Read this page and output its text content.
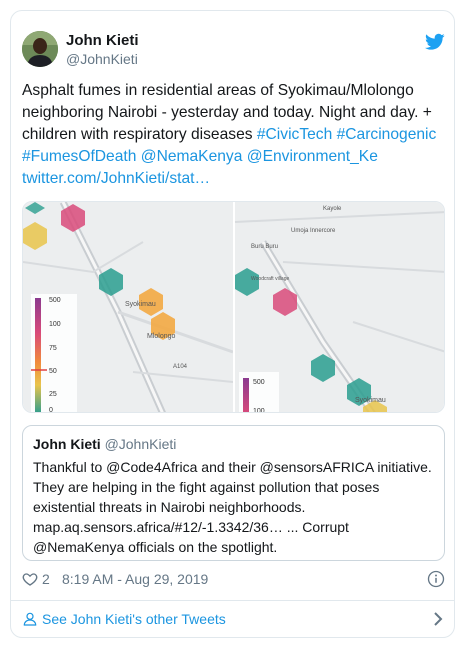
John Kieti
@JohnKieti
Asphalt fumes in residential areas of Syokimau/Mlolongo neighboring Nairobi - yesterday and today. Night and day. + children with respiratory diseases #CivicTech #Carcinogenic #FumesOfDeath @NemaKenya @Environment_Ke twitter.com/JohnKieti/stat…
500
100
75
50
25
0
Syokimau
Mlolongo
A104
500
100
Kayole
Umoja Innercore
Buru Buru
Woodcraft village
Syokimau
John Kieti @JohnKieti
Thankful to @Code4Africa and their @sensorsAFRICA initiative. They are helping in the fight against pollution that poses existential threats in Nairobi neighborhoods. map.aq.sensors.africa/#12/-1.3342/36… ... Corrupt @NemaKenya officials on the spotlight.
2 8:19 AM - Aug 29, 2019
See John Kieti's other Tweets
